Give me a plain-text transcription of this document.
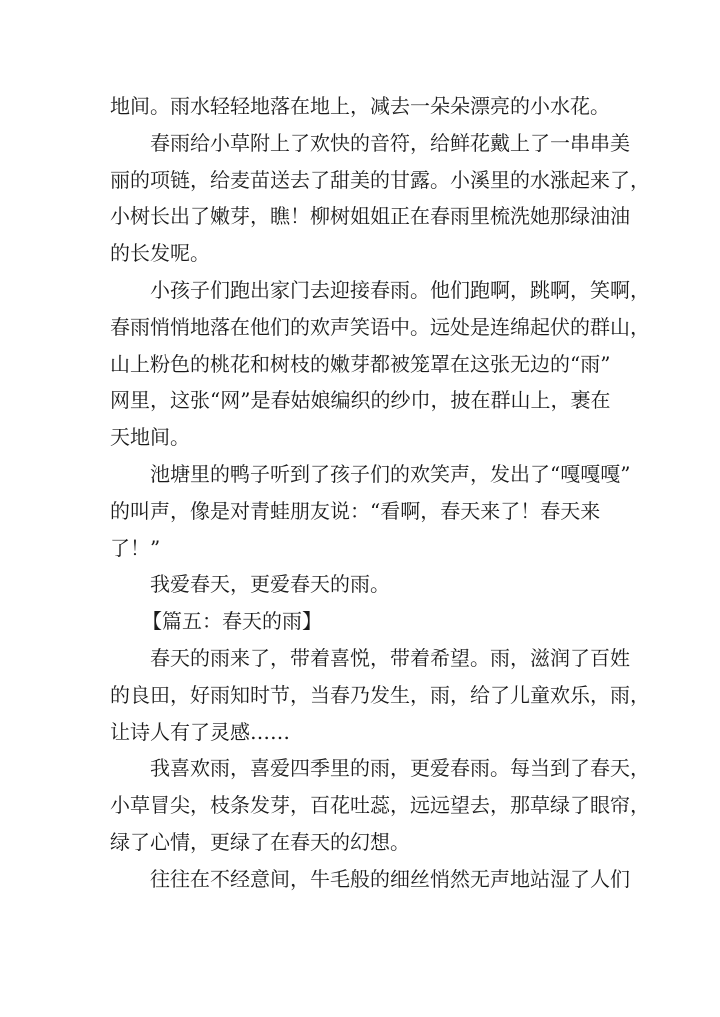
地间。雨水轻轻地落在地上，减去一朵朵漂亮的小水花。
春雨给小草附上了欢快的音符，给鲜花戴上了一串串美
丽的项链，给麦苗送去了甜美的甘露。小溪里的水涨起来了，
小树长出了嫩芽，瞧！柳树姐姐正在春雨里梳洗她那绿油油
的长发呢。
小孩子们跑出家门去迎接春雨。他们跑啊，跳啊，笑啊，
春雨悄悄地落在他们的欢声笑语中。远处是连绵起伏的群山，
山上粉色的桃花和树枝的嫩芽都被笼罩在这张无边的“雨”
网里，这张“网”是春姑娘编织的纱巾，披在群山上，裹在
天地间。
池塘里的鸭子听到了孩子们的欢笑声，发出了“嘎嘎嘎”
的叫声，像是对青蛙朋友说：“看啊，春天来了！春天来
了！”
我爱春天，更爱春天的雨。
【篇五：春天的雨】
春天的雨来了，带着喜悦，带着希望。雨，滋润了百姓
的良田，好雨知时节，当春乃发生，雨，给了儿童欢乐，雨，
让诗人有了灵感……
我喜欢雨，喜爱四季里的雨，更爱春雨。每当到了春天，
小草冒尖，枝条发芽，百花吐蕊，远远望去，那草绿了眼帘，
绿了心情，更绿了在春天的幻想。
往往在不经意间，牛毛般的细丝悄然无声地站湿了人们
